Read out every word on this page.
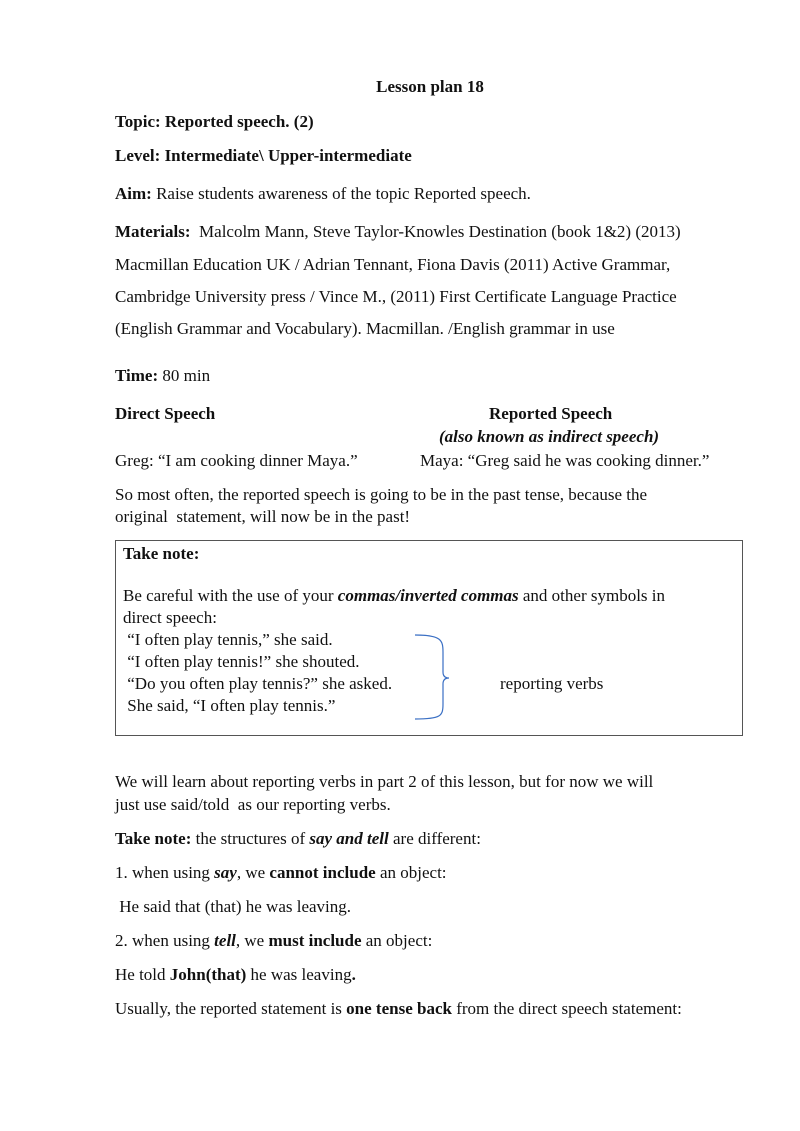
Lesson plan 18
Topic: Reported speech. (2)
Level: Intermediate\ Upper-intermediate
Aim: Raise students awareness of the topic Reported speech.
Materials:  Malcolm Mann, Steve Taylor-Knowles Destination (book 1&2) (2013)
Macmillan Education UK / Adrian Tennant, Fiona Davis (2011) Active Grammar,
Cambridge University press / Vince M., (2011) First Certificate Language Practice
(English Grammar and Vocabulary). Macmillan. /English grammar in use
Time: 80 min
Direct Speech	Reported Speech
(also known as indirect speech)
Greg: “I am cooking dinner Maya.”	Maya: “Greg said he was cooking dinner.”
So most often, the reported speech is going to be in the past tense, because the
original  statement, will now be in the past!
Take note:
Be careful with the use of your commas/inverted commas and other symbols in
direct speech:
“I often play tennis,” she said.
“I often play tennis!” she shouted.
“Do you often play tennis?” she asked.
She said, “I often play tennis.”
reporting verbs
We will learn about reporting verbs in part 2 of this lesson, but for now we will
just use said/told  as our reporting verbs.
Take note: the structures of say and tell are different:
1. when using say, we cannot include an object:
He said that (that) he was leaving.
2. when using tell, we must include an object:
He told John(that) he was leaving.
Usually, the reported statement is one tense back from the direct speech statement:
